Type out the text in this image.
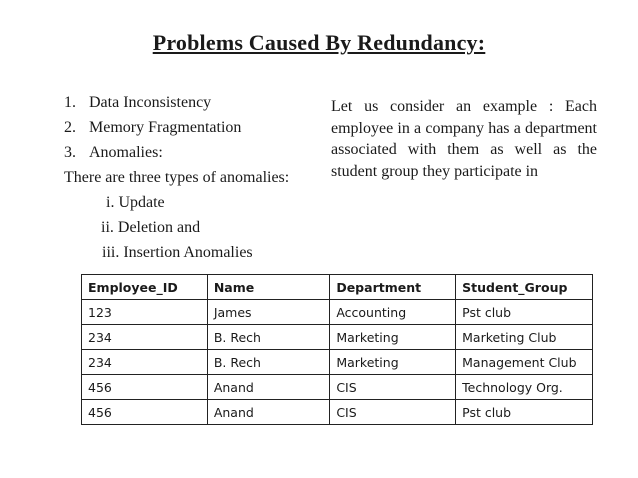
Problems Caused By Redundancy:
1. Data Inconsistency
2. Memory Fragmentation
3. Anomalies:
There are three types of anomalies:
i. Update
ii. Deletion and
iii. Insertion Anomalies
Let us consider an example : Each employee in a company has a department associated with them as well as the student group they participate in
Employee_ID	Name	Department	Student_Group
123	James	Accounting	Pst club
234	B. Rech	Marketing	Marketing Club
234	B. Rech	Marketing	Management Club
456	Anand	CIS	Technology Org.
456	Anand	CIS	Pst club
